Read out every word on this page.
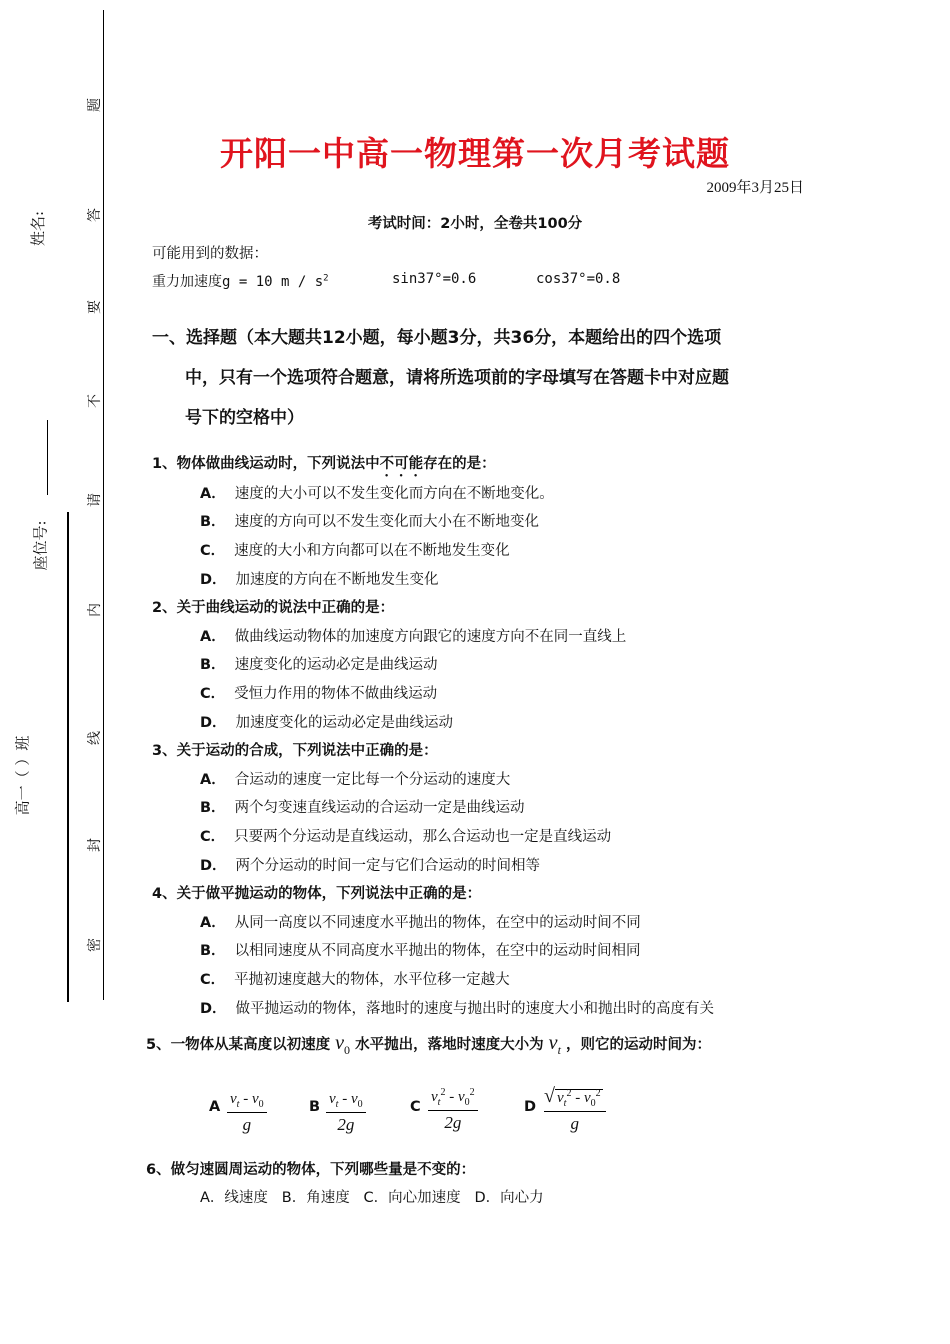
姓名:
座位号:
高一（ ）班
题
答
要
不
请
内
线
封
密
开阳一中高一物理第一次月考试题
2009年3月25日
考试时间：2小时，全卷共100分
可能用到的数据：
重力加速度g = 10 m / $s^2$	sin37°=0.6	cos37°=0.8
一、选择题（本大题共12小题，每小题3分，共36分，本题给出的四个选项
中，只有一个选项符合题意，请将所选项前的字母填写在答题卡中对应题
号下的空格中）
1、物体做曲线运动时，下列说法中不可能存在的是：
A． 速度的大小可以不发生变化而方向在不断地变化。
B． 速度的方向可以不发生变化而大小在不断地变化
C． 速度的大小和方向都可以在不断地发生变化
D． 加速度的方向在不断地发生变化
2、关于曲线运动的说法中正确的是：
A． 做曲线运动物体的加速度方向跟它的速度方向不在同一直线上
B． 速度变化的运动必定是曲线运动
C． 受恒力作用的物体不做曲线运动
D． 加速度变化的运动必定是曲线运动
3、关于运动的合成，下列说法中正确的是：
A． 合运动的速度一定比每一个分运动的速度大
B． 两个匀变速直线运动的合运动一定是曲线运动
C． 只要两个分运动是直线运动，那么合运动也一定是直线运动
D． 两个分运动的时间一定与它们合运动的时间相等
4、关于做平抛运动的物体，下列说法中正确的是：
A． 从同一高度以不同速度水平抛出的物体，在空中的运动时间不同
B． 以相同速度从不同高度水平抛出的物体，在空中的运动时间相同
C． 平抛初速度越大的物体，水平位移一定越大
D． 做平抛运动的物体，落地时的速度与抛出时的速度大小和抛出时的高度有关
5、一物体从某高度以初速度 $v_0$ 水平抛出，落地时速度大小为 $v_t$ ，则它的运动时间为：
A $\frac{v_t - v_0}{g}$	B $\frac{v_t - v_0}{2g}$	C $\frac{v_t^2 - v_0^2}{2g}$	D $\frac{√ v_t^2 - v_0^2}{g}$
6、做匀速圆周运动的物体，下列哪些量是不变的：
A．线速度   B．角速度   C．向心加速度   D．向心力
